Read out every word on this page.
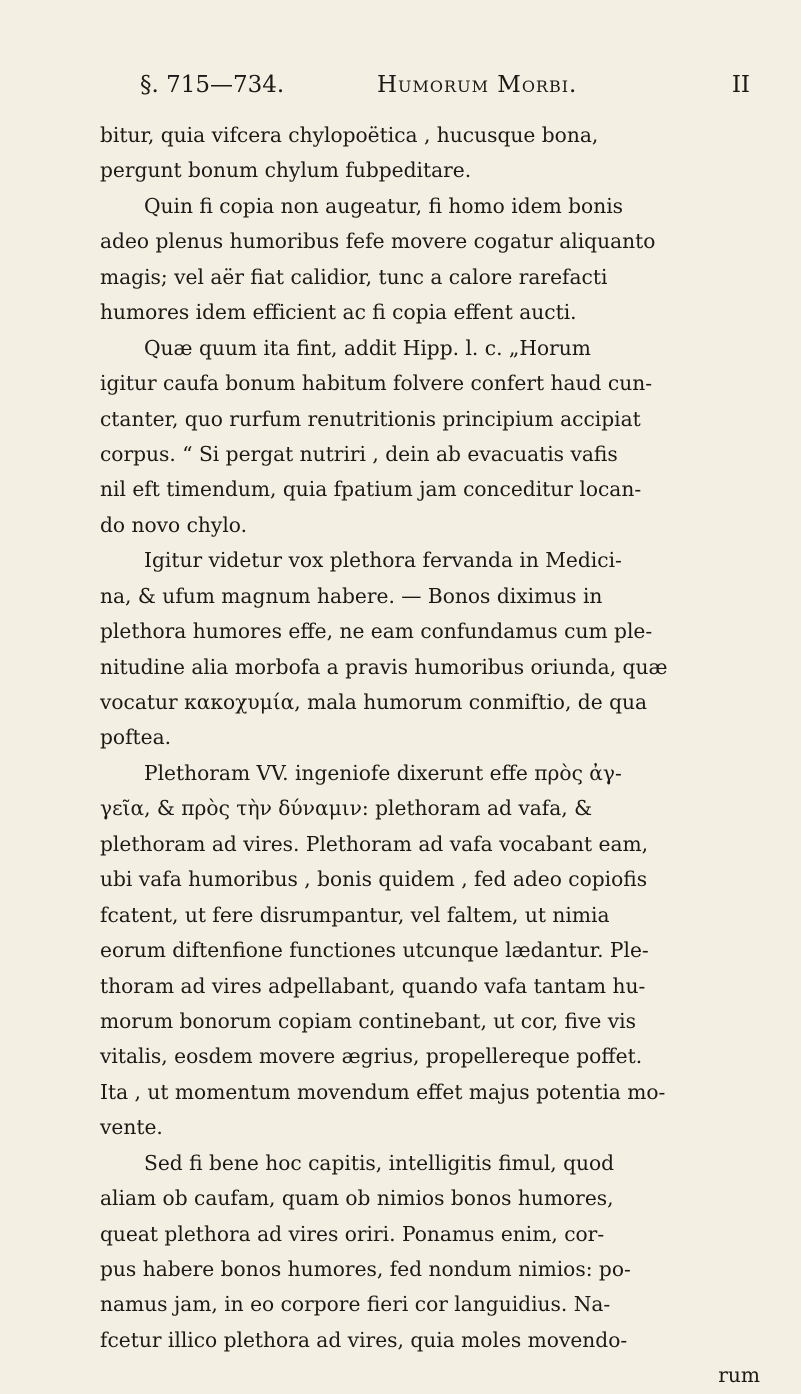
§. 715—734.	Humorum Morbi.	II
bitur, quia vifcera chylopoëtica , hucusque bona,
pergunt bonum chylum fubpeditare.
Quin fi copia non augeatur, fi homo idem bonis
adeo plenus humoribus fefe movere cogatur aliquanto
magis; vel aër fiat calidior, tunc a calore rarefacti
humores idem efficient ac fi copia effent aucti.
Quæ quum ita fint, addit Hipp. l. c. „Horum
igitur caufa bonum habitum folvere confert haud cun-
ctanter, quo rurfum renutritionis principium accipiat
corpus. “ Si pergat nutriri , dein ab evacuatis vafis
nil eft timendum, quia fpatium jam conceditur locan-
do novo chylo.
Igitur videtur vox plethora fervanda in Medici-
na, & ufum magnum habere. — Bonos diximus in
plethora humores effe, ne eam confundamus cum ple-
nitudine alia morbofa a pravis humoribus oriunda, quæ
vocatur κακοχυμία, mala humorum conmiftio, de qua
poftea.
Plethoram VV. ingeniofe dixerunt effe πρὸς ἀγ-
γεῖα, & πρὸς τὴν δύναμιν: plethoram ad vafa, &
plethoram ad vires. Plethoram ad vafa vocabant eam,
ubi vafa humoribus , bonis quidem , fed adeo copiofis
fcatent, ut fere disrumpantur, vel faltem, ut nimia
eorum diftenfione functiones utcunque lædantur. Ple-
thoram ad vires adpellabant, quando vafa tantam hu-
morum bonorum copiam continebant, ut cor, five vis
vitalis, eosdem movere ægrius, propellereque poffet.
Ita , ut momentum movendum effet majus potentia mo-
vente.
Sed fi bene hoc capitis, intelligitis fimul, quod
aliam ob caufam, quam ob nimios bonos humores,
queat plethora ad vires oriri. Ponamus enim, cor-
pus habere bonos humores, fed nondum nimios: po-
namus jam, in eo corpore fieri cor languidius. Na-
fcetur illico plethora ad vires, quia moles movendo-
rum
